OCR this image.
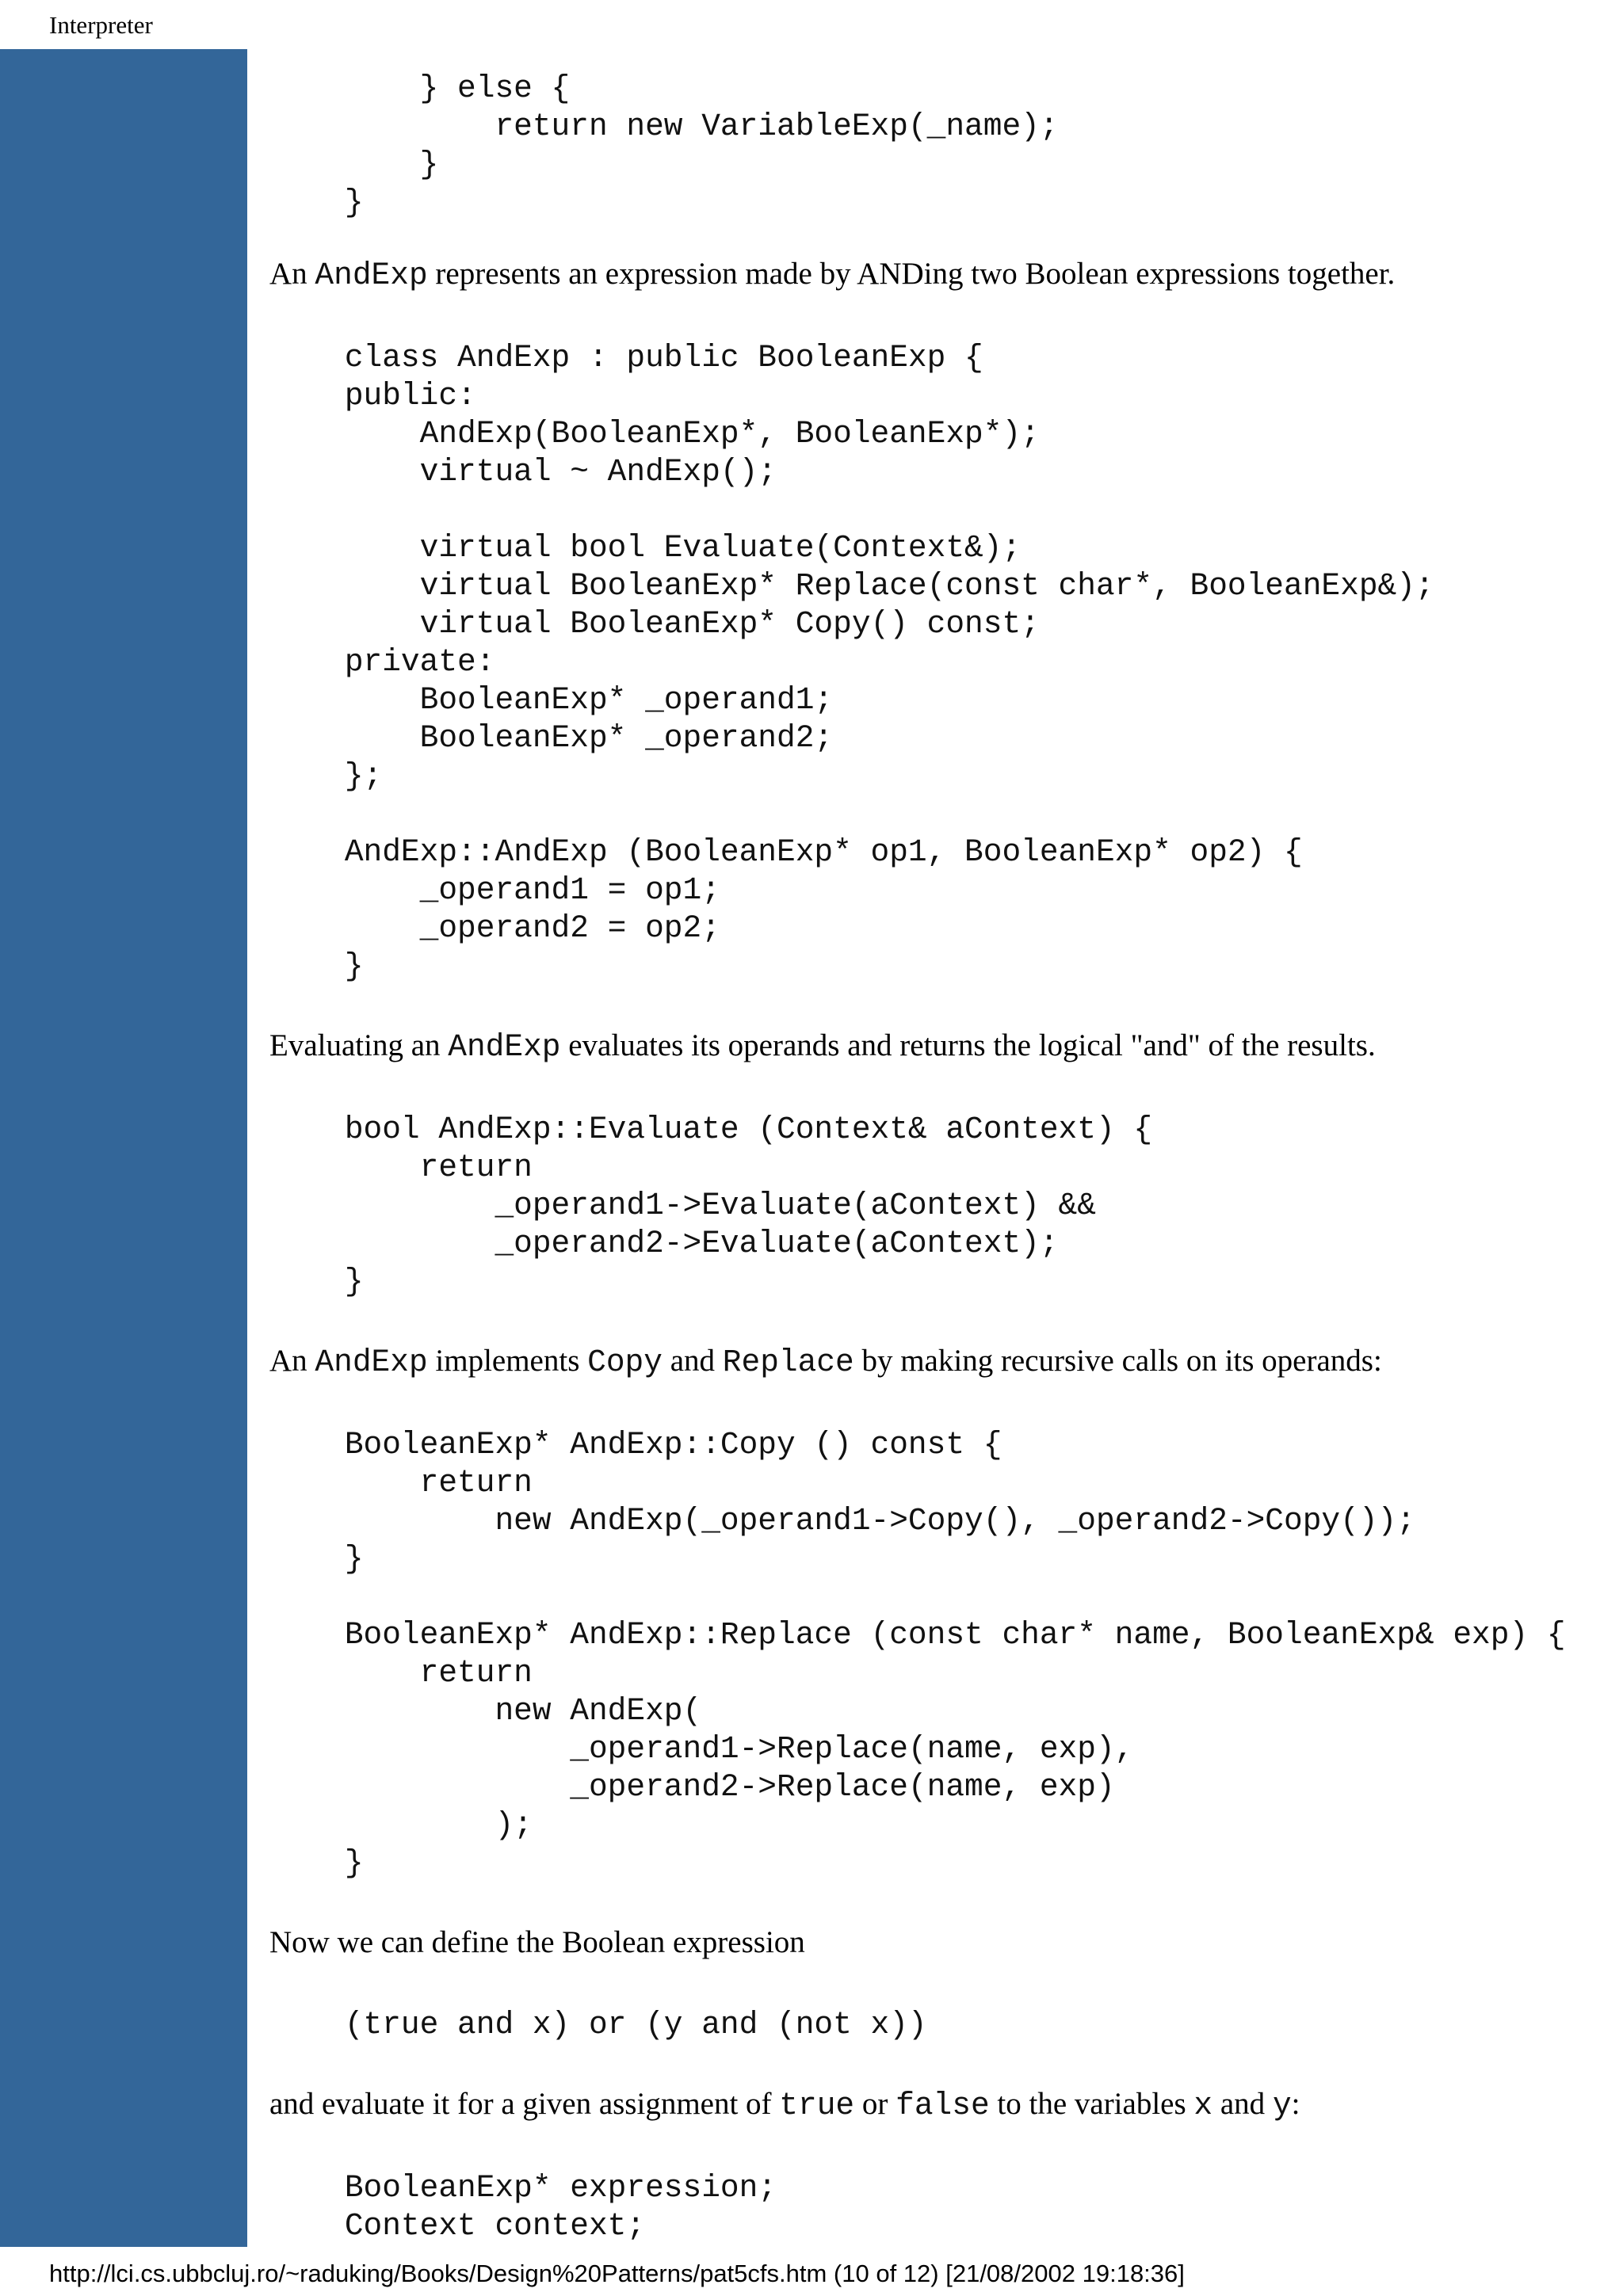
Interpreter
} else {
return new VariableExp(_name);
}
}

An AndExp represents an expression made by ANDing two Boolean expressions together.

class AndExp : public BooleanExp {
public:
AndExp(BooleanExp*, BooleanExp*);
virtual ~ AndExp();

virtual bool Evaluate(Context&);
virtual BooleanExp* Replace(const char*, BooleanExp&);
virtual BooleanExp* Copy() const;
private:
BooleanExp* _operand1;
BooleanExp* _operand2;
};

AndExp::AndExp (BooleanExp* op1, BooleanExp* op2) {
_operand1 = op1;
_operand2 = op2;
}

Evaluating an AndExp evaluates its operands and returns the logical "and" of the results.

bool AndExp::Evaluate (Context& aContext) {
return
_operand1->Evaluate(aContext) &&
_operand2->Evaluate(aContext);
}

An AndExp implements Copy and Replace by making recursive calls on its operands:

BooleanExp* AndExp::Copy () const {
return
new AndExp(_operand1->Copy(), _operand2->Copy());
}

BooleanExp* AndExp::Replace (const char* name, BooleanExp& exp) {
return
new AndExp(
_operand1->Replace(name, exp),
_operand2->Replace(name, exp)
);
}

Now we can define the Boolean expression

(true and x) or (y and (not x))

and evaluate it for a given assignment of true or false to the variables x and y:

BooleanExp* expression;
Context context;
http://lci.cs.ubbcluj.ro/~raduking/Books/Design%20Patterns/pat5cfs.htm (10 of 12) [21/08/2002 19:18:36]
